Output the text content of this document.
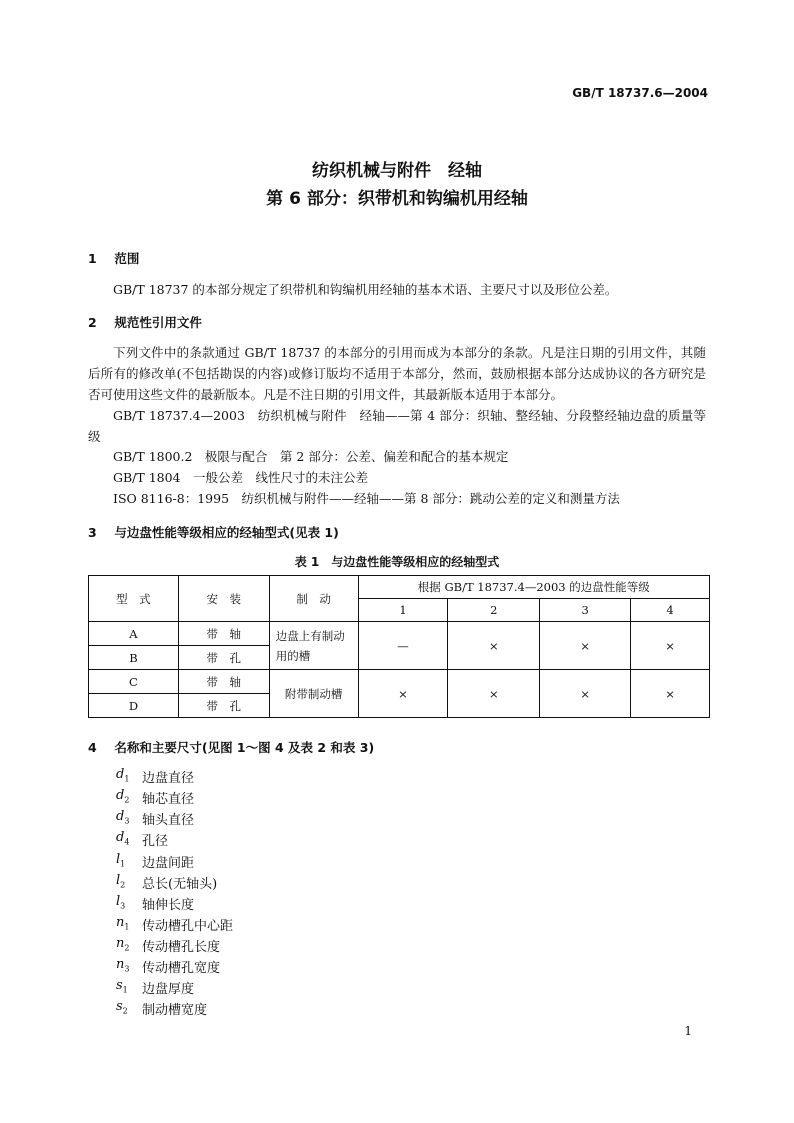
GB/T 18737.6—2004
纺织机械与附件　经轴
第 6 部分：织带机和钩编机用经轴
1 范围
GB/T 18737 的本部分规定了织带机和钩编机用经轴的基本术语、主要尺寸以及形位公差。
2 规范性引用文件
下列文件中的条款通过 GB/T 18737 的本部分的引用而成为本部分的条款。凡是注日期的引用文件，其随后所有的修改单(不包括勘误的内容)或修订版均不适用于本部分，然而，鼓励根据本部分达成协议的各方研究是否可使用这些文件的最新版本。凡是不注日期的引用文件，其最新版本适用于本部分。
GB/T 18737.4—2003　纺织机械与附件　经轴——第 4 部分：织轴、整经轴、分段整经轴边盘的质量等级
GB/T 1800.2　极限与配合　第 2 部分：公差、偏差和配合的基本规定
GB/T 1804　一般公差　线性尺寸的未注公差
ISO 8116-8：1995　纺织机械与附件——经轴——第 8 部分：跳动公差的定义和测量方法
3 与边盘性能等级相应的经轴型式(见表 1)
表 1　与边盘性能等级相应的经轴型式
型　式	安　装	制　动	根据 GB/T 18737.4—2003 的边盘性能等级			
			1	2	3	4
A	带　轴	边盘上有制动用的槽	—	×	×	×
B	带　孔					
C	带　轴	附带制动槽	×	×	×	×
D	带　孔					
4 名称和主要尺寸(见图 1～图 4 及表 2 和表 3)
$d_1$ 边盘直径
$d_2$ 轴芯直径
$d_3$ 轴头直径
$d_4$ 孔径
$l_1$ 边盘间距
$l_2$ 总长(无轴头)
$l_3$ 轴伸长度
$n_1$ 传动槽孔中心距
$n_2$ 传动槽孔长度
$n_3$ 传动槽孔宽度
$s_1$ 边盘厚度
$s_2$ 制动槽宽度
1
